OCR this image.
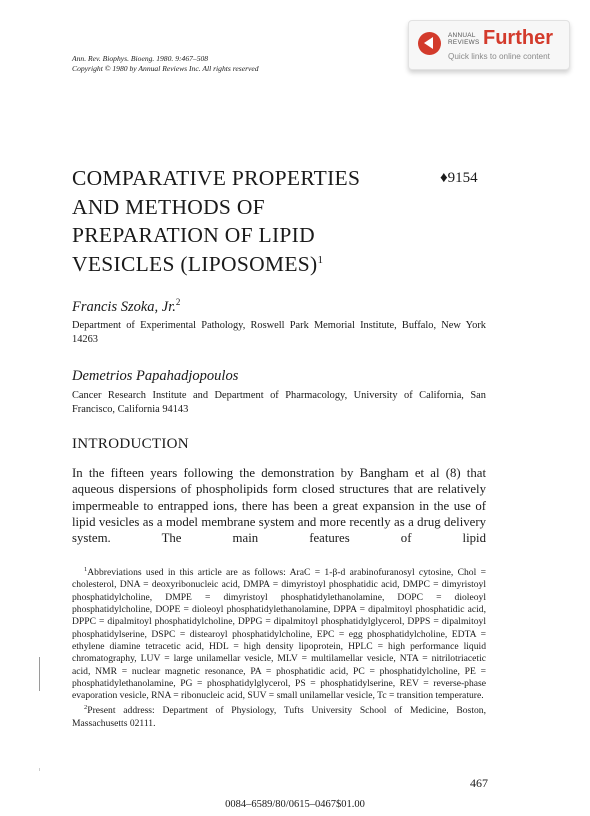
Ann. Rev. Biophys. Bioeng. 1980. 9:467–508
Copyright © 1980 by Annual Reviews Inc. All rights reserved
ANNUAL
REVIEWS Further
Quick links to online content
COMPARATIVE PROPERTIES
AND METHODS OF
PREPARATION OF LIPID
VESICLES (LIPOSOMES)$^1$
♦9154
Francis Szoka, Jr.$^2$
Department of Experimental Pathology, Roswell Park Memorial Institute, Buffalo, New York 14263
Demetrios Papahadjopoulos
Cancer Research Institute and Department of Pharmacology, University of California, San Francisco, California 94143
INTRODUCTION
In the fifteen years following the demonstration by Bangham et al (8) that aqueous dispersions of phospholipids form closed structures that are relatively impermeable to entrapped ions, there has been a great expansion in the use of lipid vesicles as a model membrane system and more recently as a drug delivery system. The main features of lipid

$^1$Abbreviations used in this article are as follows: AraC = 1-β-d arabinofuranosyl cytosine, Chol = cholesterol, DNA = deoxyribonucleic acid, DMPA = dimyristoyl phosphatidic acid, DMPC = dimyristoyl phosphatidylcholine, DMPE = dimyristoyl phosphatidylethanolamine, DOPC = dioleoyl phosphatidylcholine, DOPE = dioleoyl phosphatidylethanolamine, DPPA = dipalmitoyl phosphatidic acid, DPPC = dipalmitoyl phosphatidylcholine, DPPG = dipalmitoyl phosphatidylglycerol, DPPS = dipalmitoyl phosphatidylserine, DSPC = distearoyl phosphatidylcholine, EPC = egg phosphatidylcholine, EDTA = ethylene diamine tetracetic acid, HDL = high density lipoprotein, HPLC = high performance liquid chromatography, LUV = large unilamellar vesicle, MLV = multilamellar vesicle, NTA = nitrilotriacetic acid, NMR = nuclear magnetic resonance, PA = phosphatidic acid, PC = phosphatidylcholine, PE = phosphatidylethanolamine, PG = phosphatidylglycerol, PS = phosphatidylserine, REV = reverse-phase evaporation vesicle, RNA = ribonucleic acid, SUV = small unilamellar vesicle, Tc = transition temperature.

$^2$Present address: Department of Physiology, Tufts University School of Medicine, Boston, Massachusetts 02111.

467
0084–6589/80/0615–0467$01.00
